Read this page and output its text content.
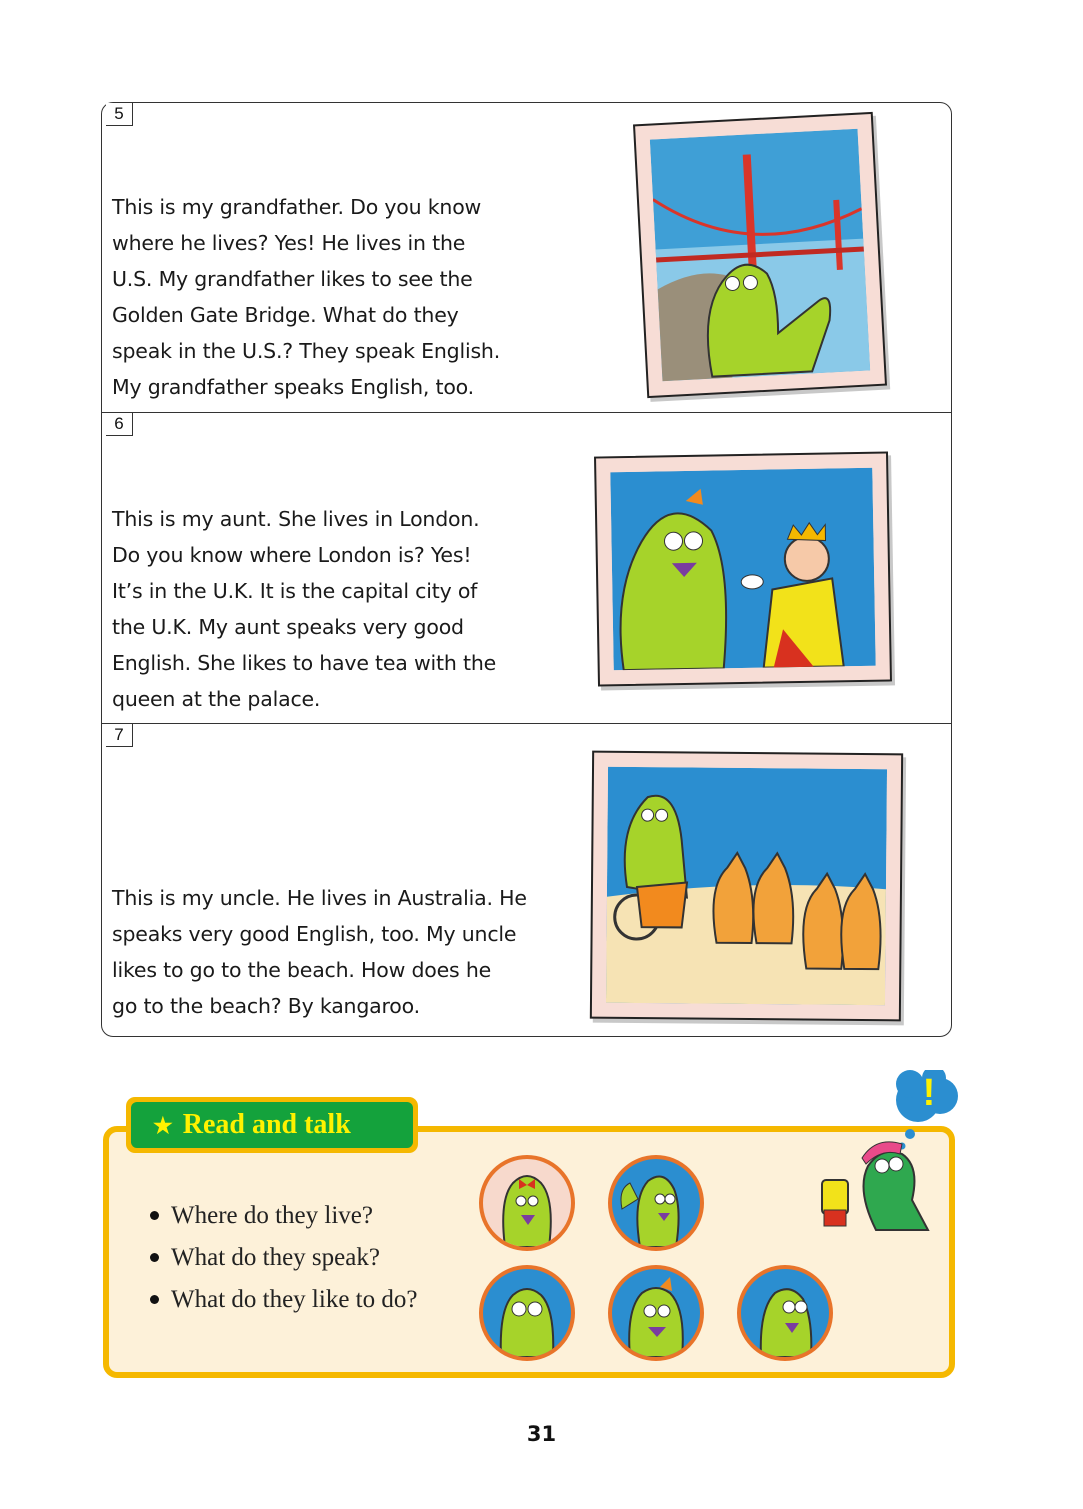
5
This is my grandfather. Do you know
where he lives? Yes! He lives in the
U.S. My grandfather likes to see the
Golden Gate Bridge. What do they
speak in the U.S.? They speak English.
My grandfather speaks English, too.
6
This is my aunt. She lives in London.
Do you know where London is? Yes!
It’s in the U.K. It is the capital city of
the U.K. My aunt speaks very good
English. She likes to have tea with the
queen at the palace.
7
This is my uncle. He lives in Australia. He
speaks very good English, too. My uncle
likes to go to the beach. How does he
go to the beach? By kangaroo.
★ Read and talk
Where do they live?
What do they speak?
What do they like to do?
!
31
